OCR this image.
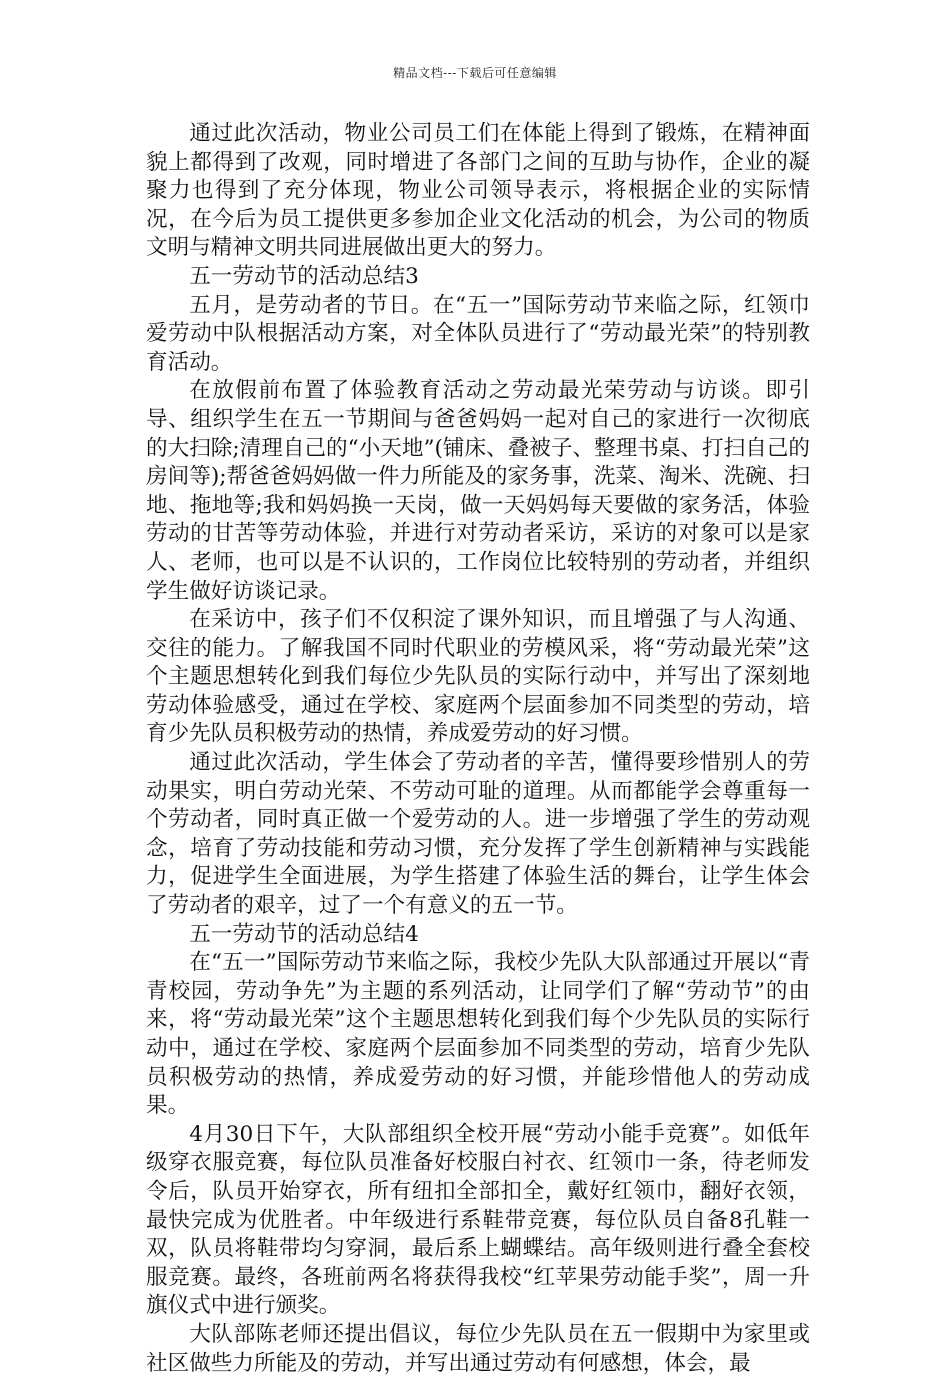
精品文档---下载后可任意编辑

通过此次活动，物业公司员工们在体能上得到了锻炼，在精神面貌上都得到了改观，同时增进了各部门之间的互助与协作，企业的凝聚力也得到了充分体现，物业公司领导表示，将根据企业的实际情况，在今后为员工提供更多参加企业文化活动的机会，为公司的物质文明与精神文明共同进展做出更大的努力。

五一劳动节的活动总结3

五月，是劳动者的节日。在“五一”国际劳动节来临之际，红领巾爱劳动中队根据活动方案，对全体队员进行了“劳动最光荣”的特别教育活动。

在放假前布置了体验教育活动之劳动最光荣劳动与访谈。即引导、组织学生在五一节期间与爸爸妈妈一起对自己的家进行一次彻底的大扫除;清理自己的“小天地”(铺床、叠被子、整理书桌、打扫自己的房间等);帮爸爸妈妈做一件力所能及的家务事，洗菜、淘米、洗碗、扫地、拖地等;我和妈妈换一天岗，做一天妈妈每天要做的家务活，体验劳动的甘苦等劳动体验，并进行对劳动者采访，采访的对象可以是家人、老师，也可以是不认识的，工作岗位比较特别的劳动者，并组织学生做好访谈记录。

在采访中，孩子们不仅积淀了课外知识，而且增强了与人沟通、交往的能力。了解我国不同时代职业的劳模风采，将“劳动最光荣”这个主题思想转化到我们每位少先队员的实际行动中，并写出了深刻地劳动体验感受，通过在学校、家庭两个层面参加不同类型的劳动，培育少先队员积极劳动的热情，养成爱劳动的好习惯。

通过此次活动，学生体会了劳动者的辛苦，懂得要珍惜别人的劳动果实，明白劳动光荣、不劳动可耻的道理。从而都能学会尊重每一个劳动者，同时真正做一个爱劳动的人。进一步增强了学生的劳动观念，培育了劳动技能和劳动习惯，充分发挥了学生创新精神与实践能力，促进学生全面进展，为学生搭建了体验生活的舞台，让学生体会了劳动者的艰辛，过了一个有意义的五一节。

五一劳动节的活动总结4

在“五一”国际劳动节来临之际，我校少先队大队部通过开展以“青青校园，劳动争先”为主题的系列活动，让同学们了解“劳动节”的由来，将“劳动最光荣”这个主题思想转化到我们每个少先队员的实际行动中，通过在学校、家庭两个层面参加不同类型的劳动，培育少先队员积极劳动的热情，养成爱劳动的好习惯，并能珍惜他人的劳动成果。

4月30日下午，大队部组织全校开展“劳动小能手竞赛”。如低年级穿衣服竞赛，每位队员准备好校服白衬衣、红领巾一条，待老师发令后，队员开始穿衣，所有纽扣全部扣全，戴好红领巾，翻好衣领，最快完成为优胜者。中年级进行系鞋带竞赛，每位队员自备8孔鞋一双，队员将鞋带均匀穿洞，最后系上蝴蝶结。高年级则进行叠全套校服竞赛。最终，各班前两名将获得我校“红苹果劳动能手奖”，周一升旗仪式中进行颁奖。

大队部陈老师还提出倡议，每位少先队员在五一假期中为家里或社区做些力所能及的劳动，并写出通过劳动有何感想，体会，最
